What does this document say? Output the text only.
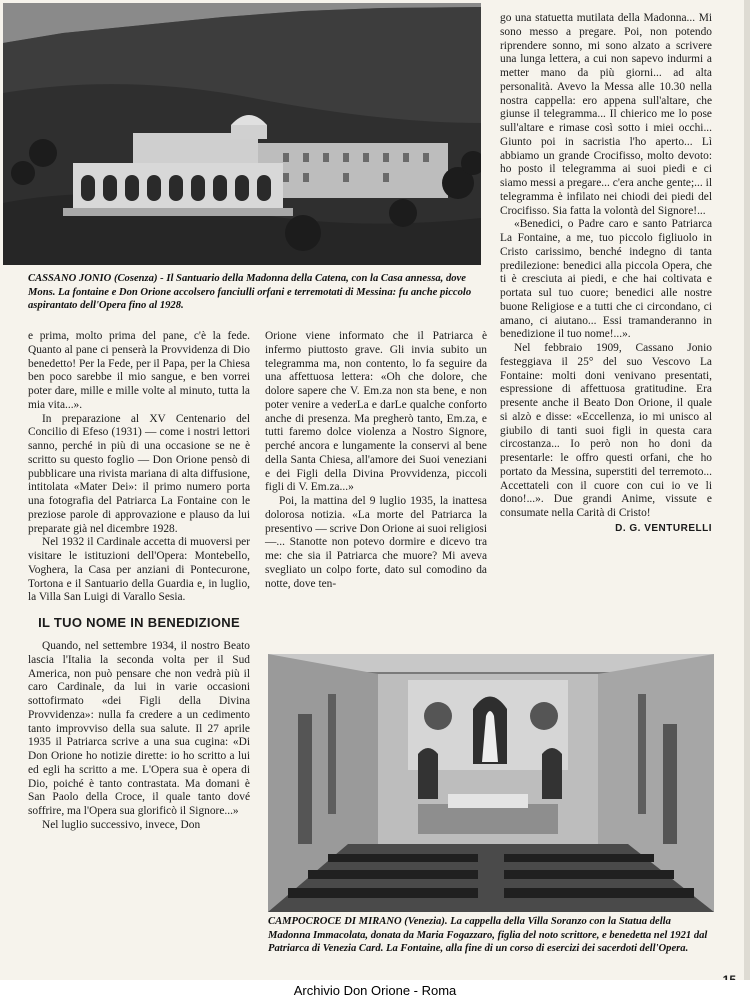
CASSANO JONIO (Cosenza) - Il Santuario della Madonna della Catena, con la Casa annessa, dove Mons. La fontaine e Don Orione accolsero fanciulli orfani e terremotati di Messina: fu anche piccolo aspirantato dell'Opera fino al 1928.

e prima, molto prima del pane, c'è la fede. Quanto al pane ci penserà la Provvidenza di Dio benedetto! Per la Fede, per il Papa, per la Chiesa ben poco sarebbe il mio sangue, e ben vorrei poter dare, mille e mille volte al minuto, tutta la mia vita...».

In preparazione al XV Centenario del Concilio di Efeso (1931) — come i nostri lettori sanno, perché in più di una occasione se ne è scritto su questo foglio — Don Orione pensò di pubblicare una rivista mariana di alta diffusione, intitolata «Mater Dei»: il primo numero porta una fotografia del Patriarca La Fontaine con le preziose parole di approvazione e plauso da lui preparate già nel dicembre 1928.

Nel 1932 il Cardinale accetta di muoversi per visitare le istituzioni dell'Opera: Montebello, Voghera, la Casa per anziani di Pontecurone, Tortona e il Santuario della Guardia e, in luglio, la Villa San Luigi di Varallo Sesia.

IL TUO NOME IN BENEDIZIONE

Quando, nel settembre 1934, il nostro Beato lascia l'Italia la seconda volta per il Sud America, non può pensare che non vedrà più il caro Cardinale, da lui in varie occasioni sottofirmato «dei Figli della Divina Provvidenza»: nulla fa credere a un cedimento tanto improvviso della sua salute. Il 27 aprile 1935 il Patriarca scrive a una sua cugina: «Di Don Orione ho notizie dirette: io ho scritto a lui ed egli ha scritto a me. L'Opera sua è opera di Dio, poiché è tanto contrastata. Ma domani è San Paolo della Croce, il quale tanto dové soffrire, ma l'Opera sua glorificò il Signore...»

Nel luglio successivo, invece, Don

Orione viene informato che il Patriarca è infermo piuttosto grave. Gli invia subito un telegramma ma, non contento, lo fa seguire da una affettuosa lettera: «Oh che dolore, che dolore sapere che V. Em.za non sta bene, e non poter venire a vederLa e darLe qualche conforto anche di presenza. Ma pregherò tanto, Em.za, e tutti faremo dolce violenza a Nostro Signore, perché ancora e lungamente la conservi al bene della Santa Chiesa, all'amore dei Suoi veneziani e dei Figli della Divina Provvidenza, piccoli figli di V. Em.za...»

Poi, la mattina del 9 luglio 1935, la inattesa dolorosa notizia. «La morte del Patriarca la presentivo — scrive Don Orione ai suoi religiosi —... Stanotte non potevo dormire e dicevo tra me: che sia il Patriarca che muore? Mi aveva svegliato un colpo forte, dato sul comodino da notte, dove ten-

go una statuetta mutilata della Madonna... Mi sono messo a pregare. Poi, non potendo riprendere sonno, mi sono alzato a scrivere una lunga lettera, a cui non sapevo indurmi a metter mano da più giorni... ad alta personalità. Avevo la Messa alle 10.30 nella nostra cappella: ero appena sull'altare, che giunse il telegramma... Il chierico me lo pose sull'altare e rimase così sotto i miei occhi... Giunto poi in sacristia l'ho aperto... Lì abbiamo un grande Crocifisso, molto devoto: ho posto il telegramma ai suoi piedi e ci siamo messi a pregare... c'era anche gente;... il telegramma è infilato nei chiodi dei piedi del Crocifisso. Sia fatta la volontà del Signore!...

«Benedici, o Padre caro e santo Patriarca La Fontaine, a me, tuo piccolo figliuolo in Cristo carissimo, benché indegno di tanta predilezione: benedici alla piccola Opera, che ti è cresciuta ai piedi, e che hai coltivata e portata sul tuo cuore; benedici alle nostre buone Religiose e a tutti che ci circondano, ci amano, ci aiutano... Essi tramanderanno in benedizione il tuo nome!...».

Nel febbraio 1909, Cassano Jonio festeggiava il 25° del suo Vescovo La Fontaine: molti doni venivano presentati, espressione di affettuosa gratitudine. Era presente anche il Beato Don Orione, il quale si alzò e disse: «Eccellenza, io mi unisco al giubilo di tanti suoi figli in questa cara circostanza... Io però non ho doni da presentarle: le offro questi orfani, che ho portato da Messina, superstiti del terremoto... Accettateli con il cuore con cui io ve li dono!...». Due grandi Anime, vissute e consumate nella Carità di Cristo!

D. G. VENTURELLI
CAMPOCROCE DI MIRANO (Venezia). La cappella della Villa Soranzo con la Statua della Madonna Immacolata, donata da Maria Fogazzaro, figlia del noto scrittore, e benedetta nel 1921 dal Patriarca di Venezia Card. La Fontaine, alla fine di un corso di esercizi dei sacerdoti dell'Opera.
Archivio Don Orione - Roma
